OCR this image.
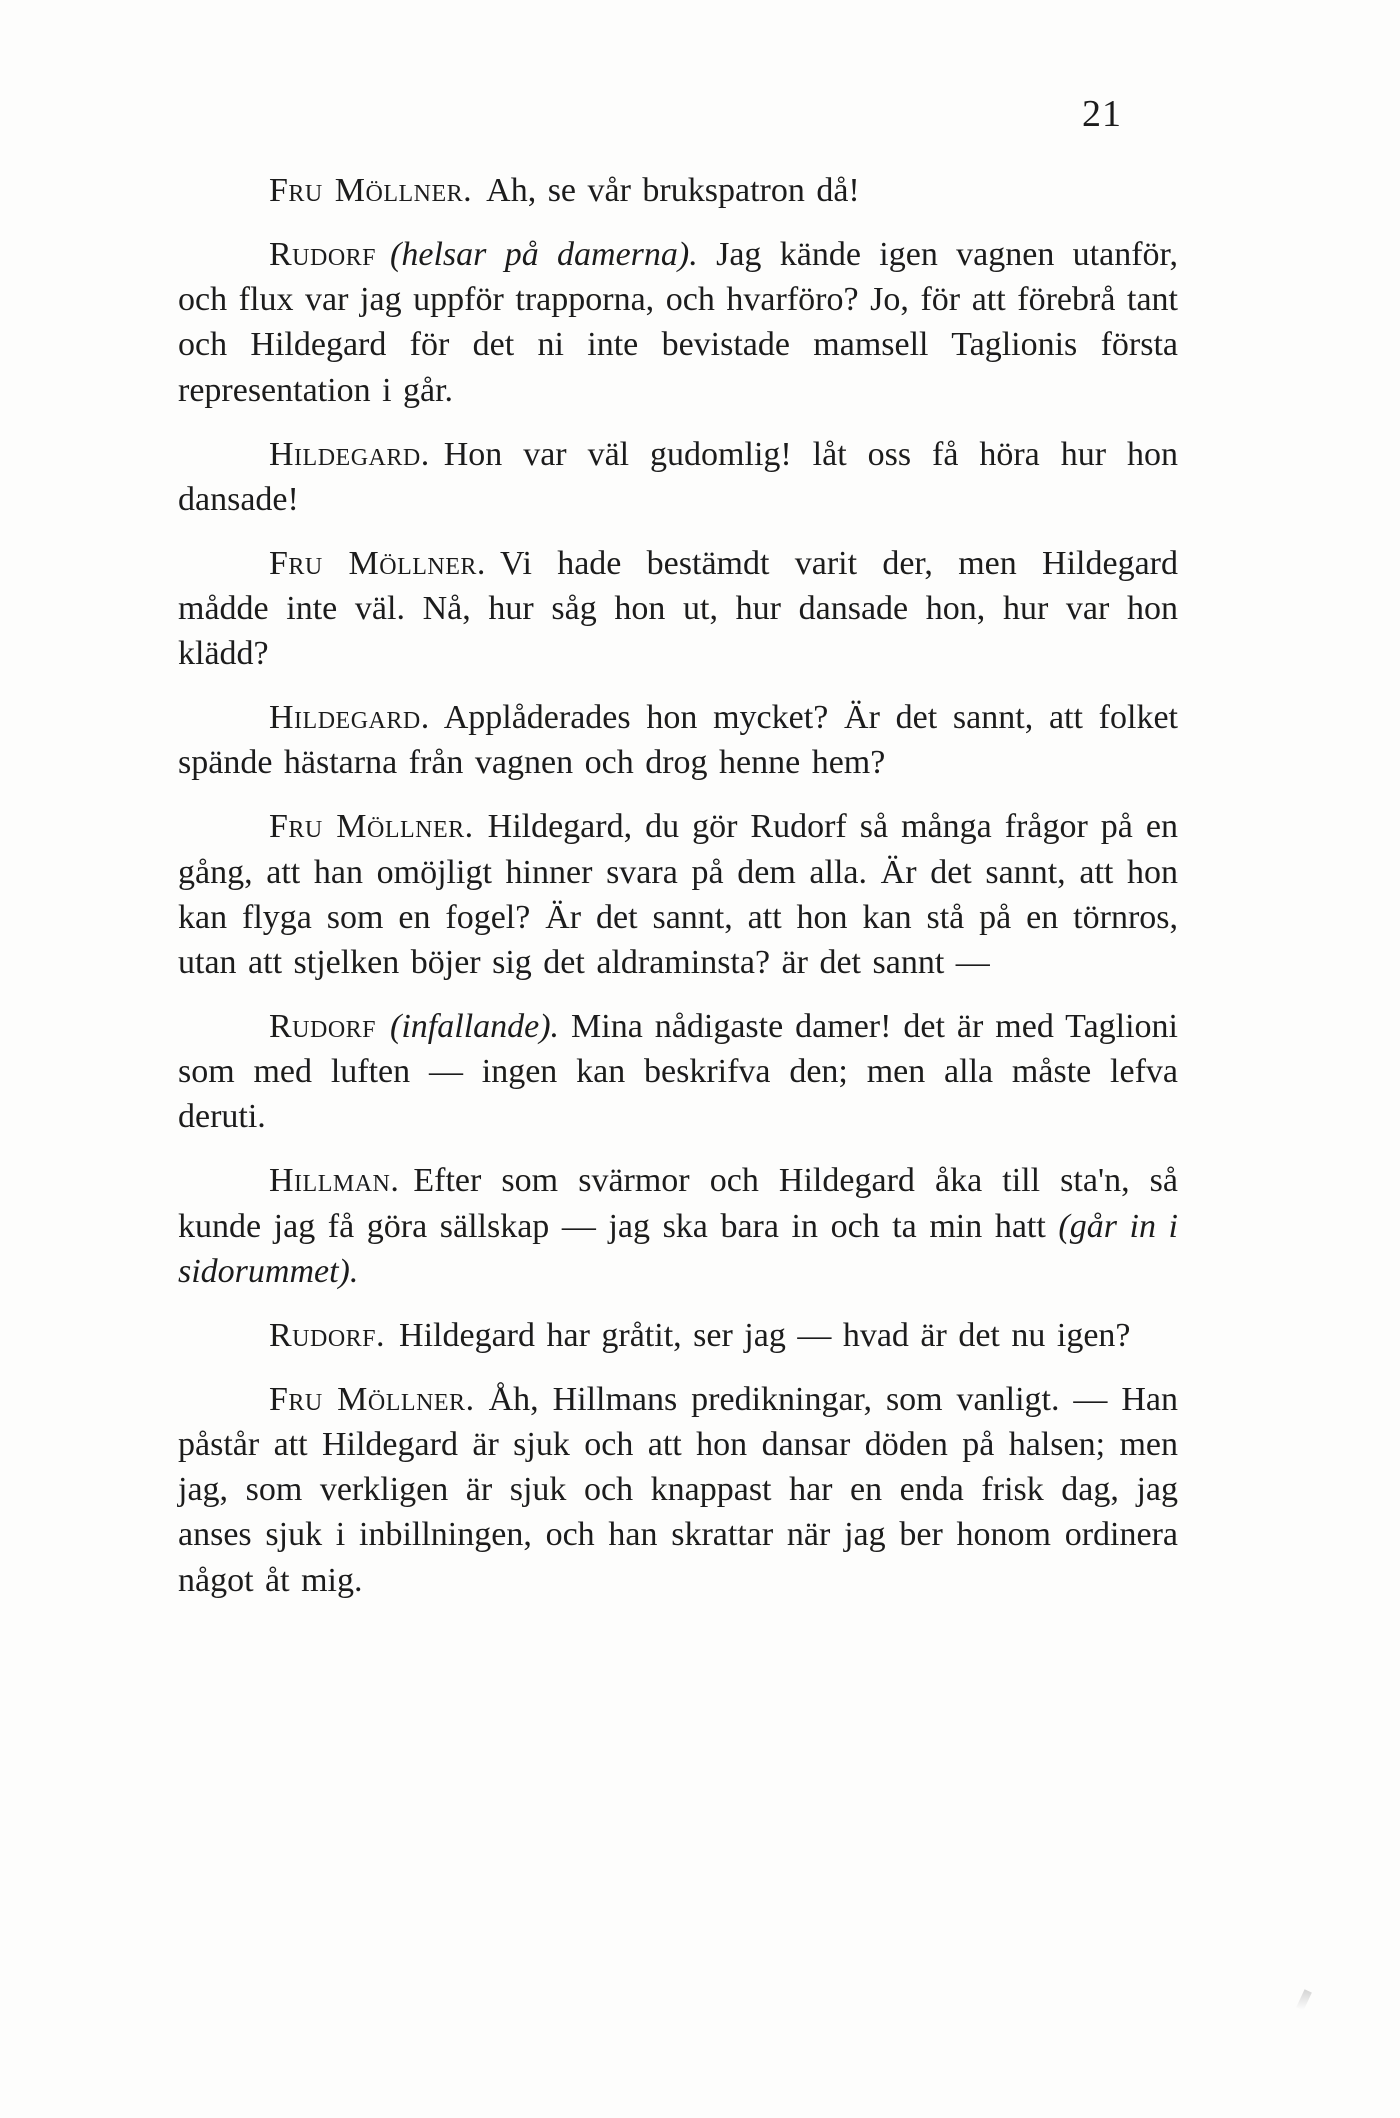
21

Fru Möllner. Ah, se vår brukspatron då!

Rudorf (helsar på damerna). Jag kände igen vagnen utanför, och flux var jag uppför trapporna, och hvarföro? Jo, för att förebrå tant och Hildegard för det ni inte bevistade mamsell Taglionis första representation i går.

Hildegard. Hon var väl gudomlig! låt oss få höra hur hon dansade!

Fru Möllner. Vi hade bestämdt varit der, men Hildegard mådde inte väl. Nå, hur såg hon ut, hur dansade hon, hur var hon klädd?

Hildegard. Applåderades hon mycket? Är det sannt, att folket spände hästarna från vagnen och drog henne hem?

Fru Möllner. Hildegard, du gör Rudorf så många frågor på en gång, att han omöjligt hinner svara på dem alla. Är det sannt, att hon kan flyga som en fogel? Är det sannt, att hon kan stå på en törnros, utan att stjelken böjer sig det aldraminsta? är det sannt —

Rudorf (infallande). Mina nådigaste damer! det är med Taglioni som med luften — ingen kan beskrifva den; men alla måste lefva deruti.

Hillman. Efter som svärmor och Hildegard åka till sta'n, så kunde jag få göra sällskap — jag ska bara in och ta min hatt (går in i sidorummet).

Rudorf. Hildegard har gråtit, ser jag — hvad är det nu igen?

Fru Möllner. Åh, Hillmans predikningar, som vanligt. — Han påstår att Hildegard är sjuk och att hon dansar döden på halsen; men jag, som verkligen är sjuk och knappast har en enda frisk dag, jag anses sjuk i inbillningen, och han skrattar när jag ber honom ordinera något åt mig.
